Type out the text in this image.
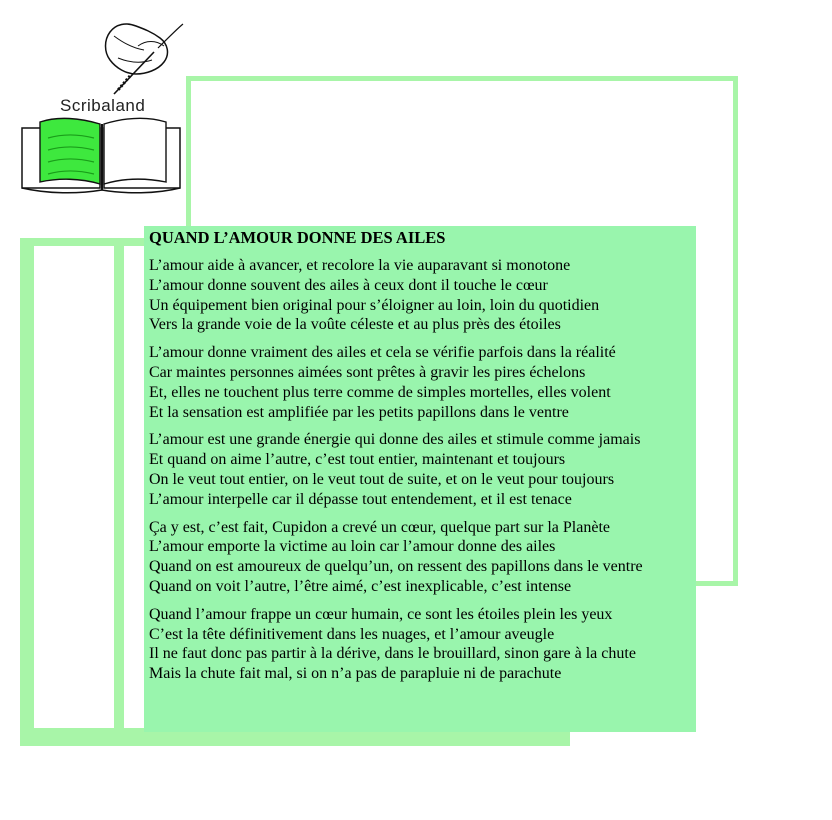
Scribaland
QUAND L’AMOUR DONNE DES AILES
L’amour aide à avancer, et recolore la vie auparavant si monotone
L’amour donne souvent des ailes à ceux dont il touche le cœur
Un équipement bien original pour s’éloigner au loin, loin du quotidien
Vers la grande voie de la voûte céleste et au plus près des étoiles
L’amour donne vraiment des ailes et cela se vérifie parfois dans la réalité
Car maintes personnes aimées sont prêtes à gravir les pires échelons
Et, elles ne touchent plus terre comme de simples mortelles, elles volent
Et la sensation est amplifiée par les petits papillons dans le ventre
L’amour est une grande énergie qui donne des ailes et stimule comme jamais
Et quand on aime l’autre, c’est tout entier, maintenant et toujours
On le veut tout entier, on le veut tout de suite, et on le veut pour toujours
L’amour interpelle car il dépasse tout entendement, et il est tenace
Ça y est, c’est fait, Cupidon a crevé un cœur, quelque part sur la Planète
L’amour emporte la victime au loin car l’amour donne des ailes
Quand on est amoureux de quelqu’un, on ressent des papillons dans le ventre
Quand on voit l’autre, l’être aimé, c’est inexplicable, c’est intense
Quand l’amour frappe un cœur humain, ce sont les étoiles plein les yeux
C’est la tête définitivement dans les nuages, et l’amour aveugle
Il ne faut donc pas partir à la dérive, dans le brouillard, sinon gare à la chute
Mais la chute fait mal, si on n’a pas de parapluie ni de parachute
